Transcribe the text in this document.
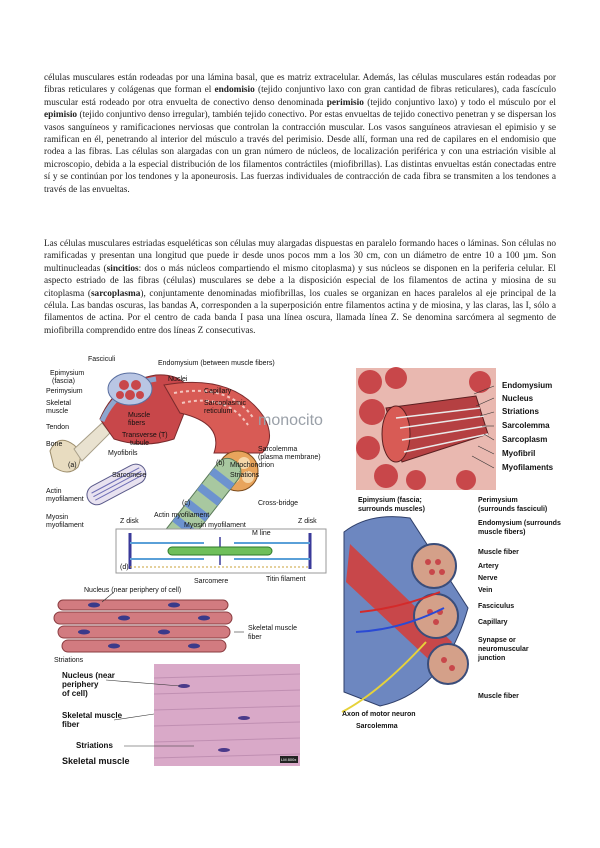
células musculares están rodeadas por una lámina basal, que es matriz extracelular. Además, las células musculares están rodeadas por fibras reticulares y colágenas que forman el endomisio (tejido conjuntivo laxo con gran cantidad de fibras reticulares), cada fascículo muscular está rodeado por otra envuelta de conectivo denso denominada perimisio (tejido conjuntivo laxo) y todo el músculo por el epimisio (tejido conjuntivo denso irregular), también tejido conectivo. Por estas envueltas de tejido conectivo penetran y se dispersan los vasos sanguíneos y ramificaciones nerviosas que controlan la contracción muscular. Los vasos sanguíneos atraviesan el epimisio y se ramifican en él, penetrando al interior del músculo a través del perimisio. Desde allí, forman una red de capilares en el endomisio que rodea a las fibras. Las células son alargadas con un gran número de núcleos, de localización periférica y con una estriación visible al microscopio, debida a la especial distribución de los filamentos contráctiles (miofibrillas). Las distintas envueltas están conectadas entre sí y se continúan por los tendones y la aponeurosis. Las fuerzas individuales de contracción de cada fibra se transmiten a los tendones a través de las envueltas.

Las células musculares estriadas esqueléticas son células muy alargadas dispuestas en paralelo formando haces o láminas. Son células no ramificadas y presentan una longitud que puede ir desde unos pocos mm a los 30 cm, con un diámetro de entre 10 a 100 µm. Son multinucleadas (sincitios: dos o más núcleos compartiendo el mismo citoplasma) y sus núcleos se disponen en la periferia celular. El aspecto estriado de las fibras (células) musculares se debe a la disposición especial de los filamentos de actina y miosina de su citoplasma (sarcoplasma), conjuntamente denominadas miofibrillas, los cuales se organizan en haces paralelos al eje principal de la célula. Las bandas oscuras, las bandas A, corresponden a la superposición entre filamentos actina y de miosina, y las claras, las I, sólo a filamentos de actina. Por el centro de cada banda I pasa una línea oscura, llamada línea Z. Se denomina sarcómera al segmento de miofibrilla comprendido entre dos líneas Z consecutivas.

Fasciculi
Epimysium
(fascia)
Perimysium
Skeletal
muscle
Tendon
Bone
Endomysium (between muscle fibers)
Nuclei
Muscle
fibers
Capillary
Sarcoplasmic
reticulum
Transverse (T)
tubule
Sarcolemma
(plasma membrane)
Myofibrils
Mitochondrion
Striations
Sarcomere
Actin
myofilament
Myosin
myofilament
Cross-bridge
Z disk	Z disk
Actin myofilament
Myosin myofilament
M line
Sarcomere	Titin filament
(a)	(b)
(c)
(d)
monocito
Endomysium
Nucleus
Striations
Sarcolemma
Sarcoplasm
Myofibril
Myofilaments
Epimysium (fascia;
surrounds muscles)
Perimysium
(surrounds fasciculi)
Endomysium (surrounds
muscle fibers)
Muscle fiber
Artery
Nerve
Vein
Fasciculus
Capillary
Synapse or
neuromuscular
junction
Axon of motor neuron
Sarcolemma
Muscle fiber
Nucleus (near periphery of cell)
Skeletal muscle
fiber
Striations
LM 800x
Nucleus (near
periphery
of cell)
Skeletal muscle
fiber
Striations
Skeletal muscle
